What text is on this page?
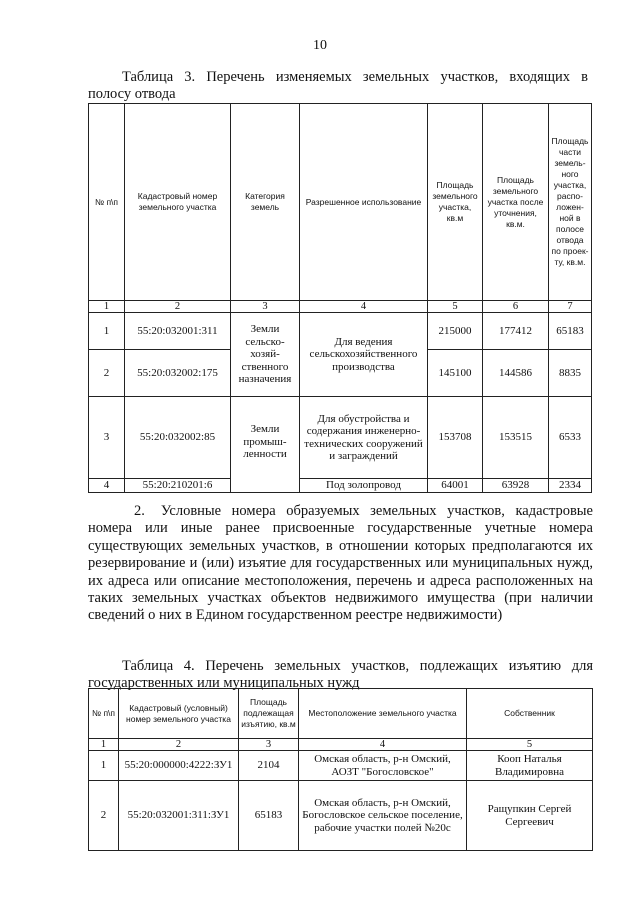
10
Таблица 3. Перечень изменяемых земельных участков, входящих в
полосу отвода
№ п\п	Кадастровый номер земельного участка	Категория земель	Разрешенное использование	Площадь земельного участка, кв.м	Площадь земельного участка после уточнения, кв.м.	Площадь части земельного участка, расположенной в полосе отвода по проекту, кв.м.
1	2	3	4	5	6	7
1	55:20:032001:311	Земли сельскохозяйственного назначения	Для ведения сельскохозяйственного производства	215000	177412	65183
2	55:20:032002:175			145100	144586	8835
3	55:20:032002:85	Земли промышленности	Для обустройства и содержания инженерно-технических сооружений и заграждений	153708	153515	6533
4	55:20:210201:6		Под золопровод	64001	63928	2334
2. Условные номера образуемых земельных участков, кадастровые номера или иные ранее присвоенные государственные учетные номера существующих земельных участков, в отношении которых предполагаются их резервирование и (или) изъятие для государственных или муниципальных нужд, их адреса или описание местоположения, перечень и адреса расположенных на таких земельных участках объектов недвижимого имущества (при наличии сведений о них в Едином государственном реестре недвижимости)
Таблица 4. Перечень земельных участков, подлежащих изъятию для
государственных или муниципальных нужд
№ п\п	Кадастровый (условный) номер земельного участка	Площадь подлежащая изъятию, кв.м	Местоположение земельного участка	Собственник
1	2	3	4	5
1	55:20:000000:4222:ЗУ1	2104	Омская область, р-н Омский, АОЗТ "Богословское"	Кооп Наталья Владимировна
2	55:20:032001:311:ЗУ1	65183	Омская область, р-н Омский, Богословское сельское поселение, рабочие участки полей №20с	Ращупкин Сергей Сергеевич
